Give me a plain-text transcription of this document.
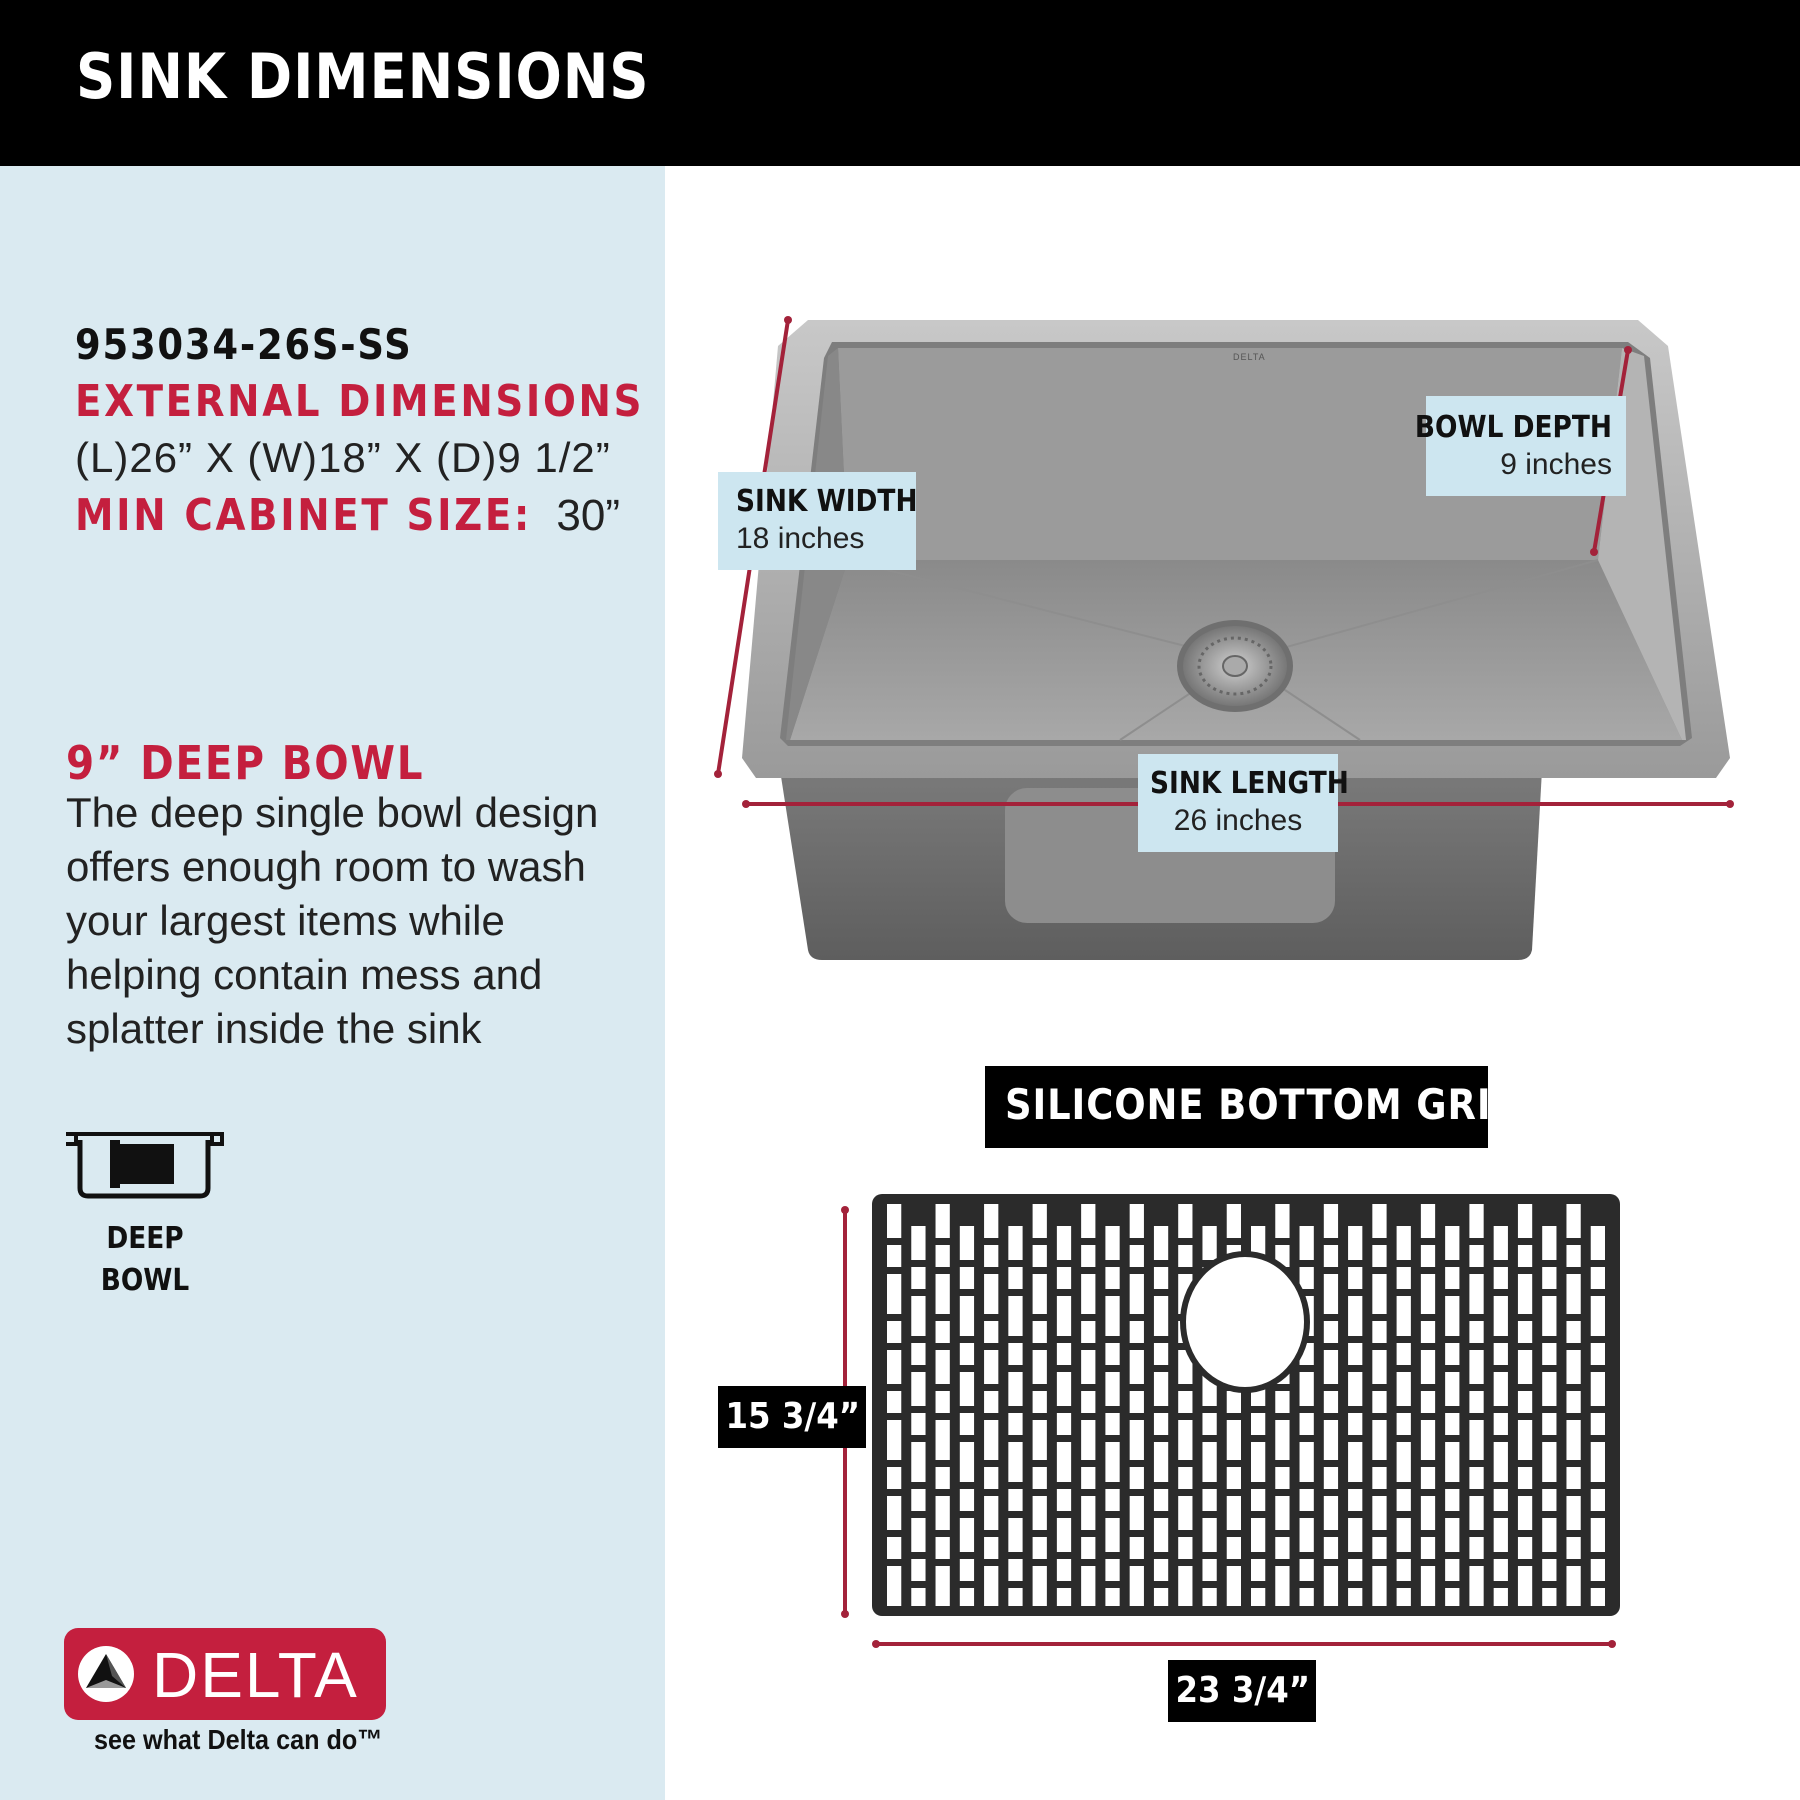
SINK DIMENSIONS
953034-26S-SS
EXTERNAL DIMENSIONS
(L)26” X (W)18” X (D)9 1/2”
MIN CABINET SIZE: 30”
9” DEEP BOWL
The deep single bowl design offers enough room to wash your largest items while helping contain mess and splatter inside the sink
DEEP
BOWL
DELTA
see what Delta can do™
DELTA
SINK WIDTH
18 inches
BOWL DEPTH
9 inches
SINK LENGTH
26 inches
SILICONE BOTTOM GRID
15 3/4”
23 3/4”
